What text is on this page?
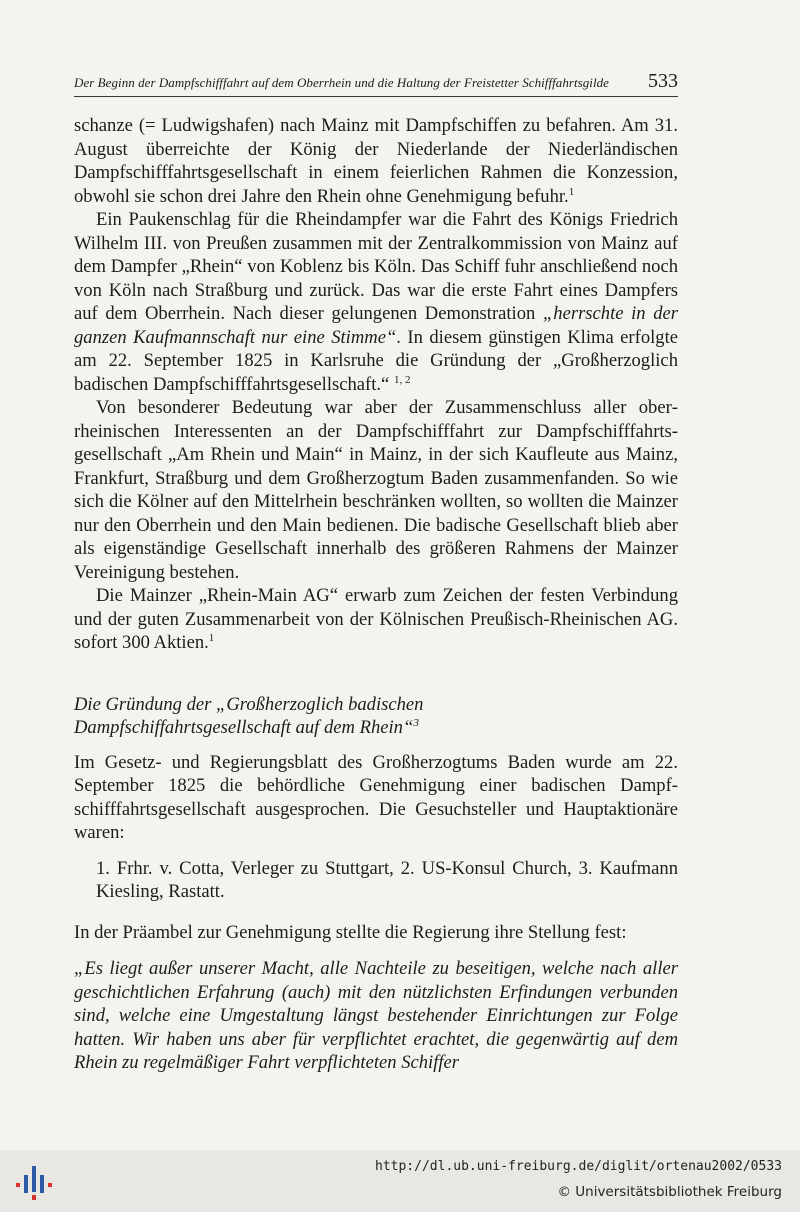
Der Beginn der Dampfschifffahrt auf dem Oberrhein und die Haltung der Freistetter Schifffahrtsgilde 533

schanze (= Ludwigshafen) nach Mainz mit Dampfschiffen zu befahren. Am 31. August überreichte der König der Niederlande der Niederländischen Dampfschifffahrtsgesellschaft in einem feierlichen Rahmen die Konzession, obwohl sie schon drei Jahre den Rhein ohne Genehmigung befuhr.$^1$

Ein Paukenschlag für die Rheindampfer war die Fahrt des Königs Friedrich Wilhelm III. von Preußen zusammen mit der Zentralkommission von Mainz auf dem Dampfer „Rhein“ von Koblenz bis Köln. Das Schiff fuhr anschließend noch von Köln nach Straßburg und zurück. Das war die erste Fahrt eines Dampfers auf dem Oberrhein. Nach dieser gelungenen Demonstration „herrschte in der ganzen Kaufmannschaft nur eine Stimme“. In diesem günstigen Klima erfolgte am 22. September 1825 in Karlsruhe die Gründung der „Großherzoglich badischen Dampfschifffahrtsgesellschaft.“ $^{1, 2}$

Von besonderer Bedeutung war aber der Zusammenschluss aller oberrheinischen Interessenten an der Dampfschifffahrt zur Dampfschifffahrtsgesellschaft „Am Rhein und Main“ in Mainz, in der sich Kaufleute aus Mainz, Frankfurt, Straßburg und dem Großherzogtum Baden zusammenfanden. So wie sich die Kölner auf den Mittelrhein beschränken wollten, so wollten die Mainzer nur den Oberrhein und den Main bedienen. Die badische Gesellschaft blieb aber als eigenständige Gesellschaft innerhalb des größeren Rahmens der Mainzer Vereinigung bestehen.

Die Mainzer „Rhein-Main AG“ erwarb zum Zeichen der festen Verbindung und der guten Zusammenarbeit von der Kölnischen Preußisch-Rheinischen AG. sofort 300 Aktien.$^1$

Die Gründung der „Großherzoglich badischen
Dampfschiffahrtsgesellschaft auf dem Rhein“$^3$

Im Gesetz- und Regierungsblatt des Großherzogtums Baden wurde am 22. September 1825 die behördliche Genehmigung einer badischen Dampfschifffahrtsgesellschaft ausgesprochen. Die Gesuchsteller und Hauptaktionäre waren:

1. Frhr. v. Cotta, Verleger zu Stuttgart, 2. US-Konsul Church, 3. Kaufmann Kiesling, Rastatt.

In der Präambel zur Genehmigung stellte die Regierung ihre Stellung fest:

„Es liegt außer unserer Macht, alle Nachteile zu beseitigen, welche nach aller geschichtlichen Erfahrung (auch) mit den nützlichsten Erfindungen verbunden sind, welche eine Umgestaltung längst bestehender Einrichtungen zur Folge hatten. Wir haben uns aber für verpflichtet erachtet, die gegenwärtig auf dem Rhein zu regelmäßiger Fahrt verpflichteten Schiffer

http://dl.ub.uni-freiburg.de/diglit/ortenau2002/0533
© Universitätsbibliothek Freiburg
